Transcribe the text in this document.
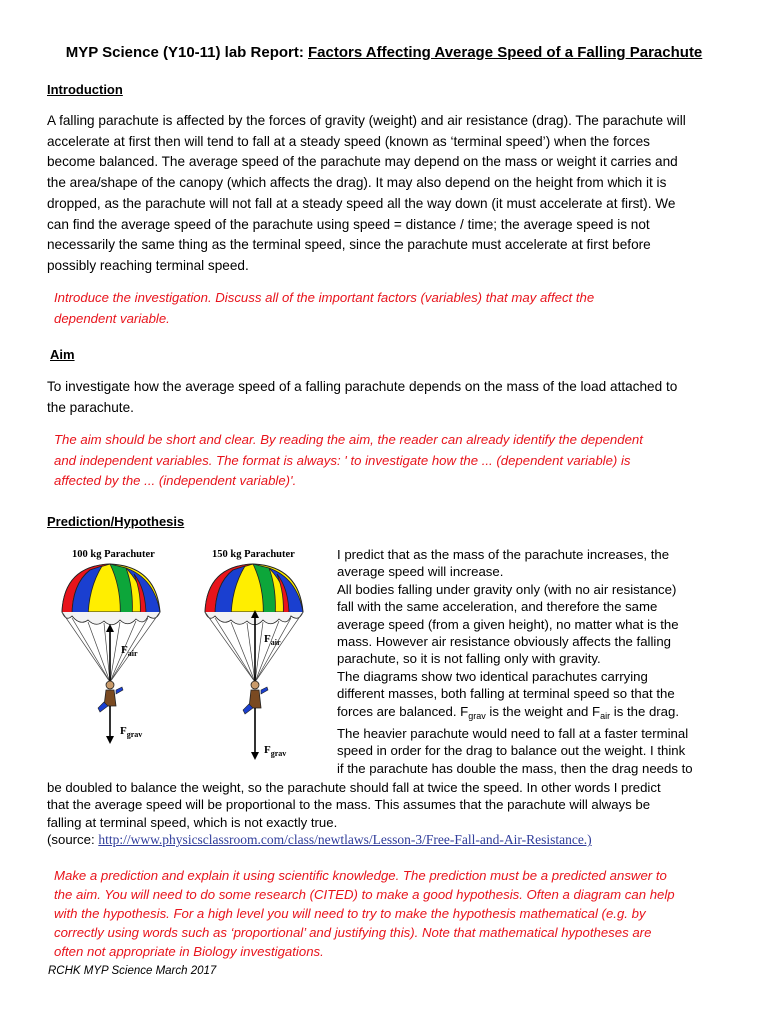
MYP Science (Y10-11) lab Report: Factors Affecting Average Speed of a Falling Parachute
Introduction
A falling parachute is affected by the forces of gravity (weight) and air resistance (drag). The parachute will
accelerate at first then will tend to fall at a steady speed (known as ‘terminal speed’) when the forces
become balanced. The average speed of the parachute may depend on the mass or weight it carries and
the area/shape of the canopy (which affects the drag). It may also depend on the height from which it is
dropped, as the parachute will not fall at a steady speed all the way down (it must accelerate at first). We
can find the average speed of the parachute using speed = distance / time; the average speed is not
necessarily the same thing as the terminal speed, since the parachute must accelerate at first before
possibly reaching terminal speed.
Introduce the investigation. Discuss all of the important factors (variables) that may affect the
dependent variable.
Aim
To investigate how the average speed of a falling parachute depends on the mass of the load attached to
the parachute.
The aim should be short and clear. By reading the aim, the reader can already identify the dependent
and independent variables. The format is always: ' to investigate how the ... (dependent variable) is
affected by the ... (independent variable)'.
Prediction/Hypothesis
100 kg Parachuter
$F_{air}$
$F_{grav}$
150 kg Parachuter
$F_{air}$
$F_{grav}$
I predict that as the mass of the parachute increases, the
average speed will increase.
All bodies falling under gravity only (with no air resistance)
fall with the same acceleration, and therefore the same
average speed (from a given height), no matter what is the
mass. However air resistance obviously affects the falling
parachute, so it is not falling only with gravity.
The diagrams show two identical parachutes carrying
different masses, both falling at terminal speed so that the
forces are balanced. $F_{grav}$ is the weight and $F_{air}$ is the drag.
The heavier parachute would need to fall at a faster terminal
speed in order for the drag to balance out the weight. I think
if the parachute has double the mass, then the drag needs to
be doubled to balance the weight, so the parachute should fall at twice the speed. In other words I predict
that the average speed will be proportional to the mass. This assumes that the parachute will always be
falling at terminal speed, which is not exactly true.
(source: http://www.physicsclassroom.com/class/newtlaws/Lesson-3/Free-Fall-and-Air-Resistance.)
Make a prediction and explain it using scientific knowledge. The prediction must be a predicted answer to
the aim. You will need to do some research (CITED) to make a good hypothesis. Often a diagram can help
with the hypothesis. For a high level you will need to try to make the hypothesis mathematical (e.g. by
correctly using words such as ‘proportional’ and justifying this). Note that mathematical hypotheses are
often not appropriate in Biology investigations.
RCHK MYP Science March 2017
